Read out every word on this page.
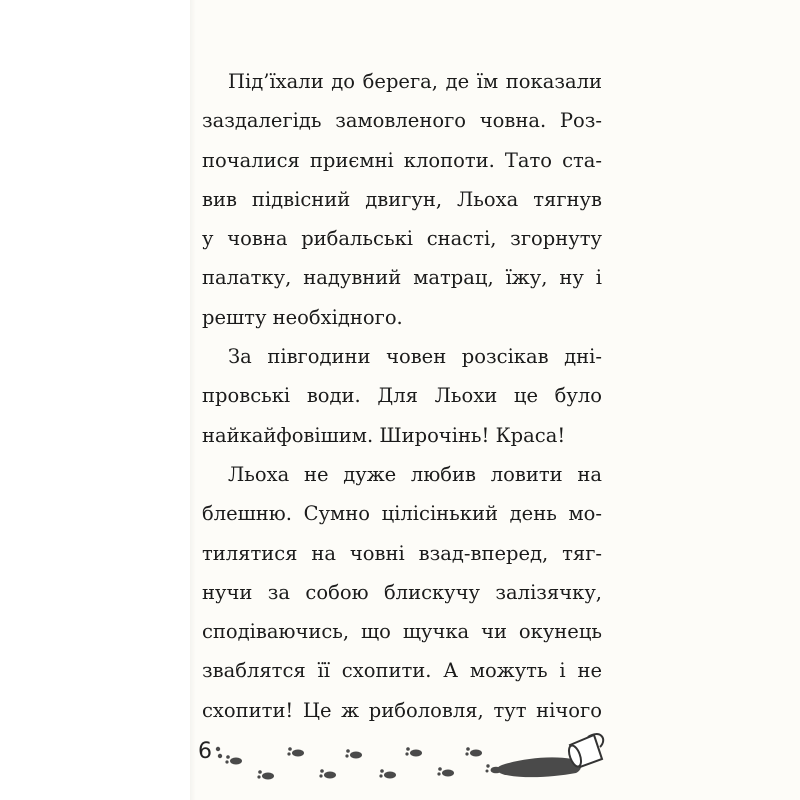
Під’їхали до берега, де їм показали
заздалегідь замовленого човна. Роз-
почалися приємні клопоти. Тато ста-
вив підвісний двигун, Льоха тягнув
у човна рибальські снасті, згорнуту
палатку, надувний матрац, їжу, ну і
решту необхідного.
За півгодини човен розсікав дні-
провські води. Для Льохи це було
найкайфовішим. Широчінь! Краса!
Льоха не дуже любив ловити на
блешню. Сумно цілісінький день мо-
тилятися на човні взад-вперед, тяг-
нучи за собою блискучу залізячку,
сподіваючись, що щучка чи окунець
зваблятся її схопити. А можуть і не
схопити! Це ж риболовля, тут нічого
6
